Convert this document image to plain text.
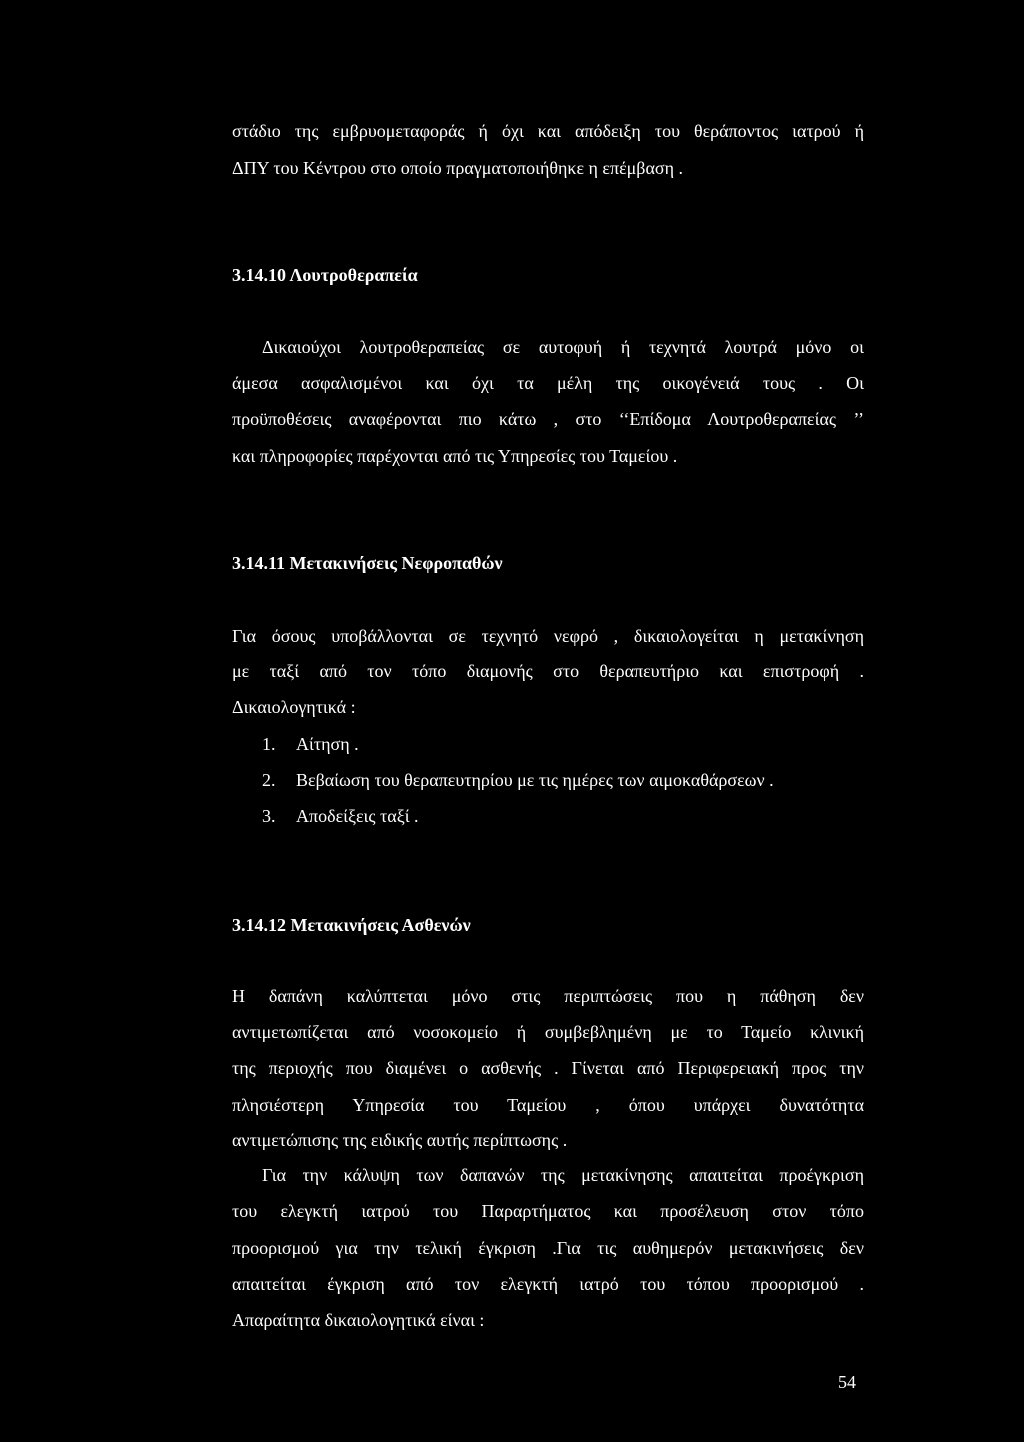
στάδιο της εμβρυομεταφοράς ή όχι και απόδειξη του θεράποντος ιατρού ή
ΔΠΥ του Κέντρου στο οποίο πραγματοποιήθηκε η επέμβαση .
3.14.10 Λουτροθεραπεία
Δικαιούχοι λουτροθεραπείας σε αυτοφυή ή τεχνητά λουτρά μόνο οι
άμεσα ασφαλισμένοι και όχι τα μέλη της οικογένειά τους . Οι
προϋποθέσεις αναφέρονται πιο κάτω , στο ‘‘Επίδομα Λουτροθεραπείας ’’
και πληροφορίες παρέχονται από τις Υπηρεσίες του Ταμείου .
3.14.11 Μετακινήσεις Νεφροπαθών
Για όσους υποβάλλονται σε τεχνητό νεφρό , δικαιολογείται η μετακίνηση
με ταξί από τον τόπο διαμονής στο θεραπευτήριο και επιστροφή .
Δικαιολογητικά :
1. Αίτηση .
2. Βεβαίωση του θεραπευτηρίου με τις ημέρες των αιμοκαθάρσεων .
3. Αποδείξεις ταξί .
3.14.12 Μετακινήσεις Ασθενών
Η δαπάνη καλύπτεται μόνο στις περιπτώσεις που η πάθηση δεν
αντιμετωπίζεται από νοσοκομείο ή συμβεβλημένη με το Ταμείο κλινική
της περιοχής που διαμένει ο ασθενής . Γίνεται από Περιφερειακή προς την
πλησιέστερη Υπηρεσία του Ταμείου , όπου υπάρχει δυνατότητα
αντιμετώπισης της ειδικής αυτής περίπτωσης .
Για την κάλυψη των δαπανών της μετακίνησης απαιτείται προέγκριση
του ελεγκτή ιατρού του Παραρτήματος και προσέλευση στον τόπο
προορισμού για την τελική έγκριση .Για τις αυθημερόν μετακινήσεις δεν
απαιτείται έγκριση από τον ελεγκτή ιατρό του τόπου προορισμού .
Απαραίτητα δικαιολογητικά είναι :
54
